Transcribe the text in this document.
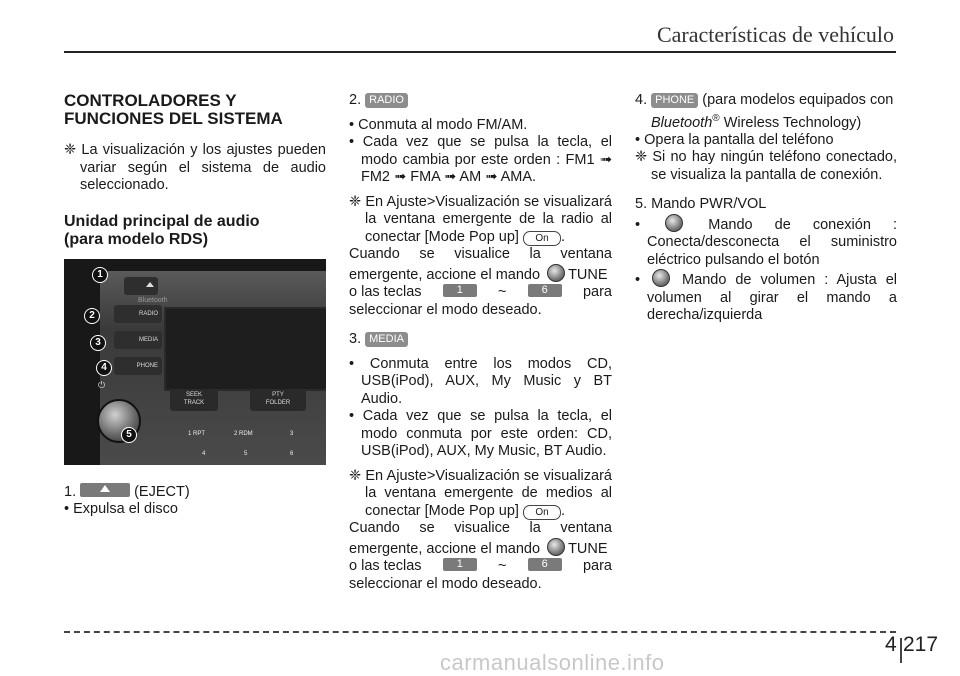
Características de vehículo
CONTROLADORES Y
FUNCIONES DEL SISTEMA

❈ La visualización y los ajustes pueden variar según el sistema de audio seleccionado.

Unidad principal de audio
(para modelo RDS)
Bluetooth
RADIO
MEDIA
PHONE
SEEK
TRACK
PTY
FOLDER
1 RPT	2 RDM	3
4	5	6
⏻
1
2
3
4
5

1.	(EJECT)

• Expulsa el disco

2. RADIO

• Conmuta al modo FM/AM.

• Cada vez que se pulsa la tecla, el modo cambia por este orden : FM1 ➟ FM2 ➟ FMA ➟ AM ➟ AMA.

❈ En Ajuste>Visualización se visualizará la ventana emergente de la radio al conectar [Mode Pop up] On .

Cuando se visualice la ventana emergente, accione el mando TUNE

o las teclas	1	~	6	para

seleccionar el modo deseado.

3. MEDIA

• Conmuta entre los modos CD, USB(iPod), AUX, My Music y BT Audio.

• Cada vez que se pulsa la tecla, el modo conmuta por este orden: CD, USB(iPod), AUX, My Music, BT Audio.

❈ En Ajuste>Visualización se visualizará la ventana emergente de medios al conectar [Mode Pop up] On .

Cuando se visualice la ventana emergente, accione el mando TUNE

o las teclas	1	~	6	para

seleccionar el modo deseado.

4. PHONE (para modelos equipados con

Bluetooth® Wireless Technology)

• Opera la pantalla del teléfono

❈ Si no hay ningún teléfono conectado, se visualiza la pantalla de conexión.

5. Mando PWR/VOL

•	Mando de conexión : Conecta/desconecta el suministro eléctrico pulsando el botón

•  Mando de volumen : Ajusta el volumen al girar el mando a derecha/izquierda

4 217
carmanualsonline.info
